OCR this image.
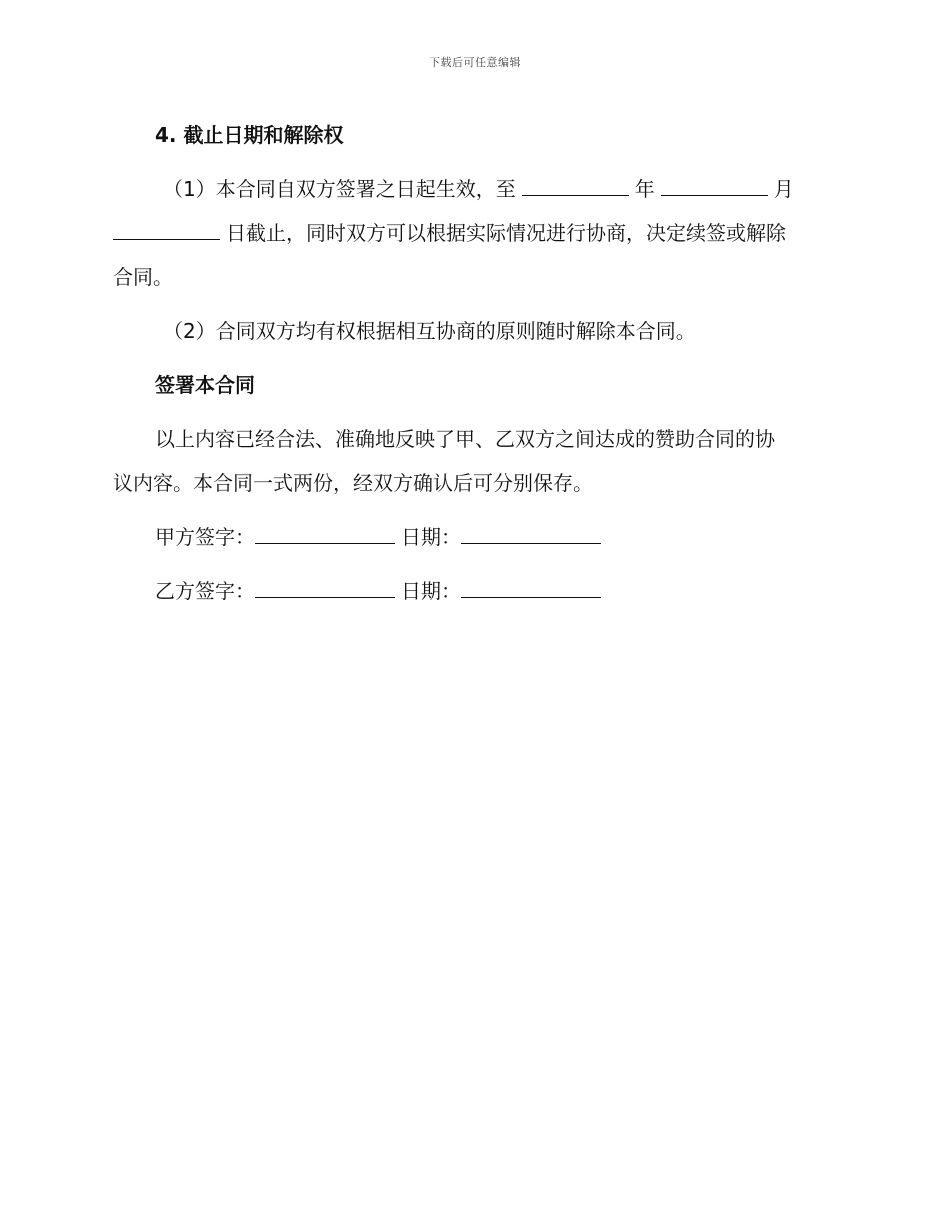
下载后可任意编辑
4. 截止日期和解除权
（1）本合同自双方签署之日起生效，至	年	月
日截止，同时双方可以根据实际情况进行协商，决定续签或解除
合同。
（2）合同双方均有权根据相互协商的原则随时解除本合同。
签署本合同
以上内容已经合法、准确地反映了甲、乙双方之间达成的赞助合同的协
议内容。本合同一式两份，经双方确认后可分别保存。
甲方签字：	日期：
乙方签字：	日期：
